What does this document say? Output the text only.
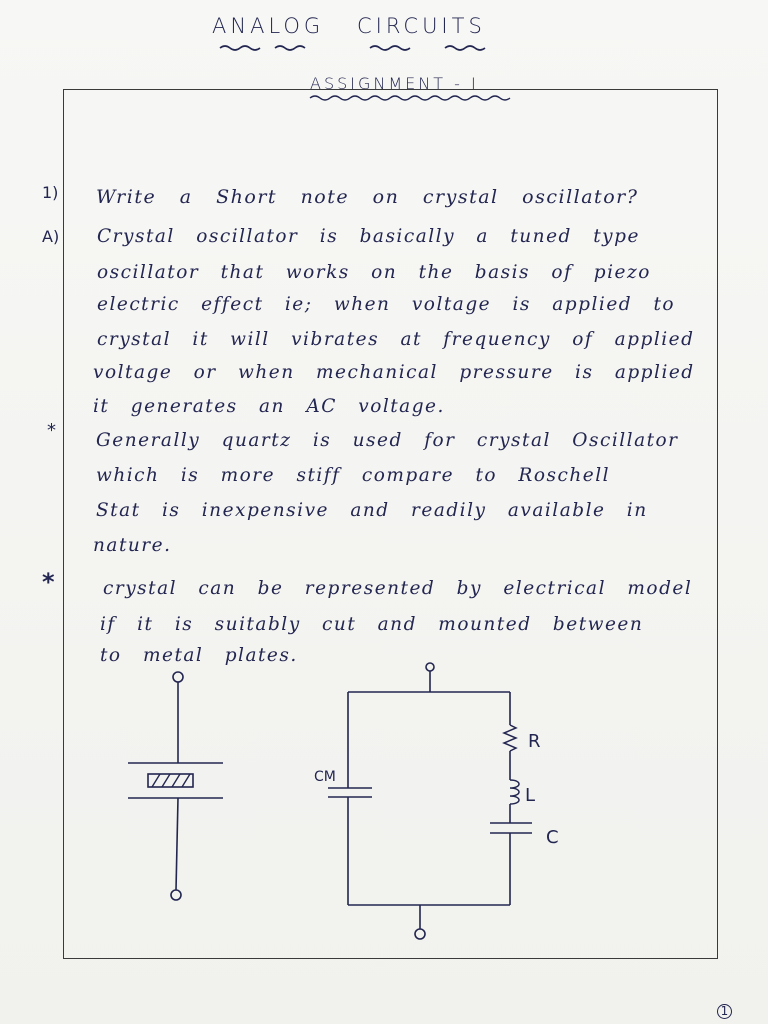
ANALOG CIRCUITS
ASSIGNMENT - I
1) Write a Short note on crystal oscillator?
A) Crystal oscillator is basically a tuned type
oscillator that works on the basis of piezo
electric effect ie; when voltage is applied to
crystal it will vibrates at frequency of applied
voltage or when mechanical pressure is applied
it generates an AC voltage.
* Generally quartz is used for crystal Oscillator
which is more stiff compare to Roschell
Stat is inexpensive and readily available in
nature.
*	crystal can be represented by electrical model
if it is suitably cut and mounted between
to metal plates.
CM
R
L
C
1
